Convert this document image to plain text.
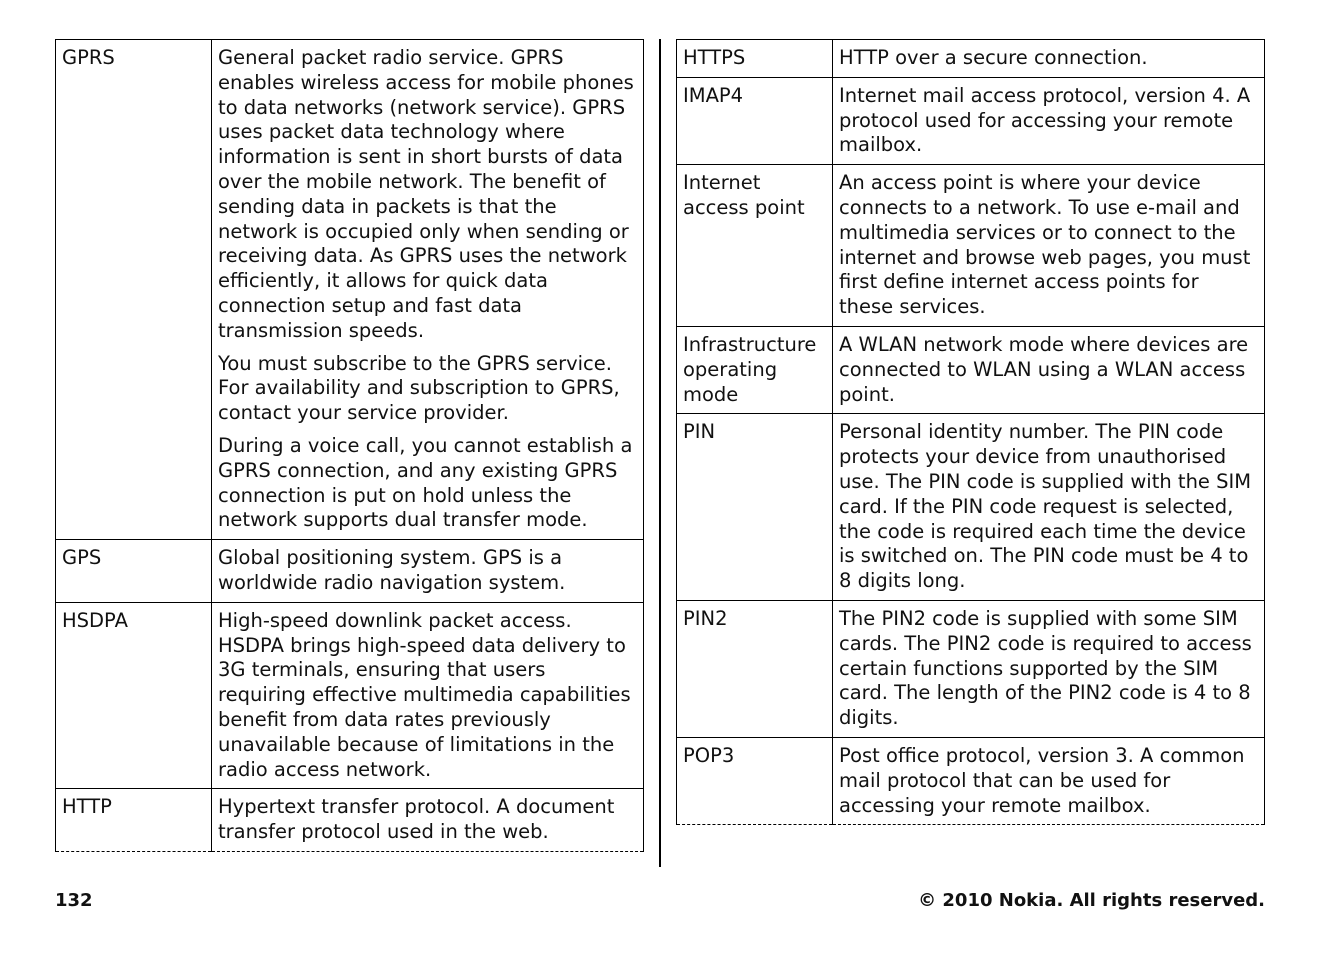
GPRS	General packet radio service. GPRS enables wireless access for mobile phones to data networks (network service). GPRS uses packet data technology where information is sent in short bursts of data over the mobile network. The benefit of sending data in packets is that the network is occupied only when sending or receiving data. As GPRS uses the network efficiently, it allows for quick data connection setup and fast data transmission speeds.
You must subscribe to the GPRS service. For availability and subscription to GPRS, contact your service provider.
During a voice call, you cannot establish a GPRS connection, and any existing GPRS connection is put on hold unless the network supports dual transfer mode.

GPS	Global positioning system. GPS is a worldwide radio navigation system.

HSDPA	High-speed downlink packet access. HSDPA brings high-speed data delivery to 3G terminals, ensuring that users requiring effective multimedia capabilities benefit from data rates previously unavailable because of limitations in the radio access network.

HTTP	Hypertext transfer protocol. A document transfer protocol used in the web.
HTTPS	HTTP over a secure connection.

IMAP4	Internet mail access protocol, version 4. A protocol used for accessing your remote mailbox.

Internet access point	An access point is where your device connects to a network. To use e-mail and multimedia services or to connect to the internet and browse web pages, you must first define internet access points for these services.

Infrastructure operating mode	A WLAN network mode where devices are connected to WLAN using a WLAN access point.

PIN	Personal identity number. The PIN code protects your device from unauthorised use. The PIN code is supplied with the SIM card. If the PIN code request is selected, the code is required each time the device is switched on. The PIN code must be 4 to 8 digits long.

PIN2	The PIN2 code is supplied with some SIM cards. The PIN2 code is required to access certain functions supported by the SIM card. The length of the PIN2 code is 4 to 8 digits.

POP3	Post office protocol, version 3. A common mail protocol that can be used for accessing your remote mailbox.
132	© 2010 Nokia. All rights reserved.
